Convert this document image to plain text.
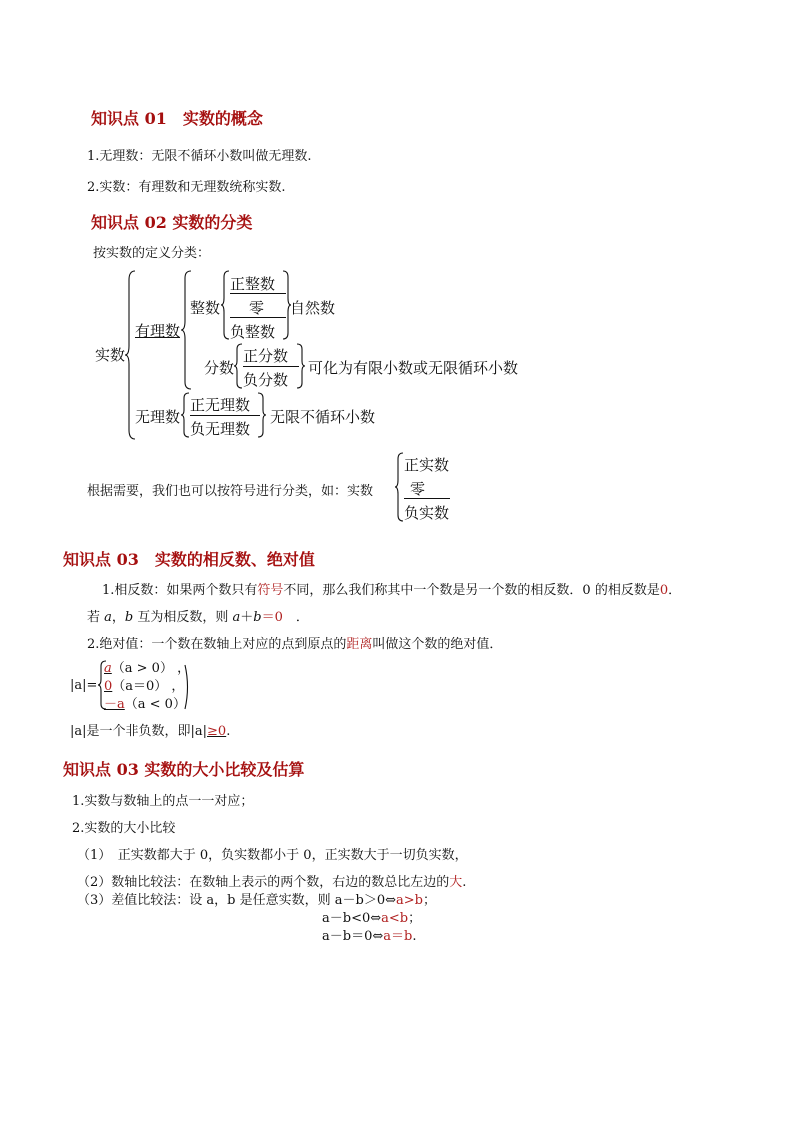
知识点 01　实数的概念
1.无理数：无限不循环小数叫做无理数.
2.实数：有理数和无理数统称实数.
知识点 02 实数的分类
按实数的定义分类：
实数
有理数
整数
正整数
零
负整数
自然数
分数
正分数
负分数
可化为有限小数或无限循环小数
无理数
正无理数
负无理数
无限不循环小数
根据需要，我们也可以按符号进行分类，如：实数
正实数
零
负实数
知识点 03　实数的相反数、绝对值
1.相反数：如果两个数只有符号不同，那么我们称其中一个数是另一个数的相反数．0 的相反数是0．
若 a，b 互为相反数，则 a＋b＝0　．
2.绝对值：一个数在数轴上对应的点到原点的距离叫做这个数的绝对值．
|a|=
a（a > 0） ，
0（a＝0） ，
－a（a < 0）
|a|是一个非负数，即|a|≥0.
知识点 03 实数的大小比较及估算
1.实数与数轴上的点一一对应；
2.实数的大小比较
（1）　正实数都大于 0，负实数都小于 0，正实数大于一切负实数，
（2）数轴比较法：在数轴上表示的两个数，右边的数总比左边的大.
（3）差值比较法：设 a，b 是任意实数，则 a－b＞0⇔a>b；
a－b<0⇔a<b；
a－b＝0⇔a＝b.
